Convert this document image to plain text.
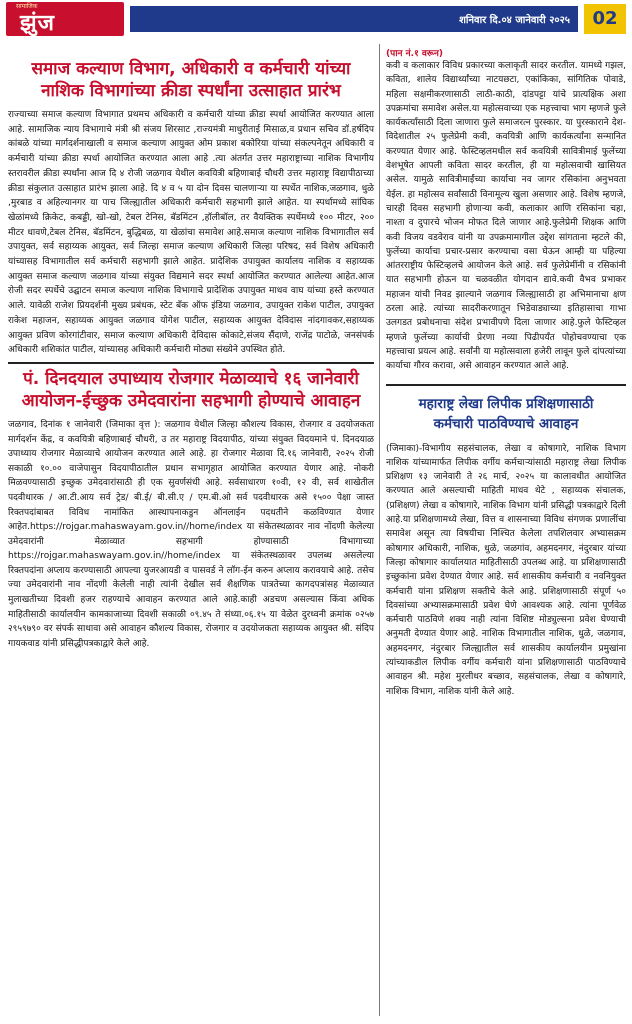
सामाजिक
झुंज	शनिवार दि.०४ जानेवारी २०२५	02
समाज कल्याण विभाग, अधिकारी व कर्मचारी यांच्या
नाशिक विभागांच्या क्रीडा स्पर्धांना उत्साहात प्रारंभ

राज्याच्या समाज कल्याण विभागात प्रथमच अधिकारी व कर्मचारी यांच्या क्रीडा स्पर्धा आयोजित करण्यात आला आहे. सामाजिक न्याय विभागाचे मंत्री श्री संजय शिरसाट ,राज्यमंत्री माधुरीताई मिसाळ,व प्रधान सचिव डॉ.हर्षदिप कांबळे यांच्या मार्गदर्शनाखाली व समाज कल्याण आयुक्त ओम प्रकाश बकोरिया यांच्या संकल्पनेतून अधिकारी व कर्मचारी यांच्या क्रीडा स्पर्धा आयोजित करण्यात आला आहे .त्या अंतर्गत उत्तर महाराष्ट्राच्या नाशिक विभागीय स्तरावरील क्रीडा स्पर्धांना आज दि ४ रोजी जळगाव येथील कवयित्री बहिणाबाई चौधरी उत्तर महाराष्ट्र विद्यापीठाच्या क्रीडा संकुलात उत्साहात प्रारंभ झाला आहे. दि ४ व ५ या दोन दिवस चालणाऱ्या या स्पर्धेत नाशिक,जळगाव, धुळे ,मुरबाड व अहिल्यानगर या पाच जिल्ह्यातील अधिकारी कर्मचारी सहभागी झाले आहेत. या स्पर्धामध्ये सांघिक खेळांमध्ये क्रिकेट, कबड्डी, खो-खो, टेबल टेनिस, बॅडमिंटन ,हॉलीबॉल, तर वैयक्तिक स्पर्धेमध्ये १०० मीटर, २०० मीटर धावणे,टेबल टेनिस, बॅडमिंटन, बुद्धिबळ, या खेळांचा समावेश आहे.समाज कल्याण नाशिक विभागातील सर्व उपायुक्त, सर्व सहाय्यक आयुक्त, सर्व जिल्हा समाज कल्याण अधिकारी जिल्हा परिषद, सर्व विशेष अधिकारी यांच्यासह विभागातील सर्व कर्मचारी सहभागी झाले आहेत. प्रादेशिक उपायुक्त कार्यालय नाशिक व सहाय्यक आयुक्त समाज कल्याण जळगाव यांच्या संयुक्त विद्यमाने सदर स्पर्धा आयोजित करण्यात आलेल्या आहेत.आज रोजी सदर स्पर्धेचे उद्घाटन समाज कल्याण नाशिक विभागाचे प्रादेशिक उपायुक्त माधव वाघ यांच्या हस्ते करण्यात आले. यावेळी राजेश प्रियदर्शनी मुख्य प्रबंधक, स्टेट बँक ऑफ इंडिया जळगाव, उपायुक्त राकेश पाटील, उपायुक्त राकेश महाजन, सहाय्यक आयुक्त जळगाव योगेश पाटील, सहाय्यक आयुक्त देविदास नांदगावकर,सहाय्यक आयुक्त प्रविण कोरगांटीवार, समाज कल्याण अधिकारी देविदास कोकाटे,संजय सैंदाणे, राजेंद्र पाटोळे, जनसंपर्क अधिकारी शशिकांत पाटील, यांच्यासह अधिकारी कर्मचारी मोठ्या संख्येने उपस्थित होते.

पं. दिनदयाल उपाध्याय रोजगार मेळाव्याचे १६ जानेवारी
आयोजन-ईच्छुक उमेदवारांना सहभागी होण्याचे आवाहन

जळगाव, दिनांक १ जानेवारी (जिमाका वृत्त ): जळगाव येथील जिल्हा कौशल्य विकास, रोजगार व उदयोजकता मार्गदर्शन केंद्र, व कवयित्री बहिणाबाई चौधरी, उ तर महाराष्ट्र विदयापीठ, यांच्या संयुक्त विदयमाने पं. दिनदयाळ उपाध्याय रोजगार मेळाव्याचे आयोजन करण्यात आले आहे. हा रोजगार मेळावा दि.१६ जानेवारी, २०२५ रोजी सकाळी १०.०० वाजेपासुन विदयापीठातील प्रधान सभागृहात आयोजित करण्यात येणार आहे. नोकरी मिळवण्यासाठी इच्छुक उमेदवारांसाठी ही एक सुवर्णसंधी आहे. सर्वसाधारण १०वी, १२ वी, सर्व शाखेतील पदवीधारक / आ.टी.आय सर्व ट्रेड/ बी.ई/ बी.सी.ए / एम.बी.ओ सर्व पदवीधारक असे १५०० पेक्षा जास्त रिक्तपदांबाबत विविध नामांकित आस्थापनाकडुन ऑनलाईन पदधतीने कळविण्यात येणार आहेत.https://rojgar.mahaswayam.gov.in//home/index या संकेतस्थळावर नाव नोंदणी केलेल्या उमेदवारांनी मेळाव्यात सहभागी होण्यासाठी विभागाच्या https://rojgar.mahaswayam.gov.in//home/index या संकेतस्थळावर उपलब्ध असलेल्या रिक्तपदांना अप्लाय करण्यासाठी आपल्या युजरआयडी व पासवर्ड ने लॉग-ईन करुन अप्लाय करावयाचे आहे. तसेच ज्या उमेदवारांनी नाव नोंदणी केलेली नाही त्यांनी देखील सर्व शैक्षणिक पात्रतेच्या कागदपत्रांसह मेळाव्यात मुलाखतीच्या दिवशी हजर राहण्याचे आवाहन करण्यात आले आहे.काही अडचण असल्यास किंवा अधिक माहितीसाठी कार्यालयीन कामकाजाच्या दिवशी सकाळी ०९.४५ ते संध्या.०६.१५ या वेळेत दुरध्वनी क्रमांक ०२५७ २९५९७९० वर संपर्क साधावा असे आवाहन कौशल्य विकास, रोजगार व उदयोजकता सहाय्यक आयुक्त श्री. संदिप गायकवाड यांनी प्रसिद्धीपत्रकाद्वारे केले आहे.

(पान नं.१ वरून)

कवी व कलाकार विविध प्रकारच्या कलाकृती सादर करतील. यामध्ये गझल, कविता, शालेय विद्यार्थ्यांच्या नाटयछटा, एकांकिका, सांगितिक पोवाडे, महिला सक्षमीकरणासाठी लाठी-काठी, दांडपट्टा यांचे प्रात्यक्षिक अशा उपक्रमांचा समावेश असेल.या महोत्सवाच्या एक महत्त्वाचा भाग म्हणजे फुले कार्यकर्त्यांसाठी दिला जाणारा फुले समाजरत्न पुरस्कार. या पुरस्काराने देश-विदेशातील २५ फुलेप्रेमी कवी, कवयित्री आणि कार्यकर्त्यांना सन्मानित करण्यात येणार आहे. फेस्टिव्हलमधील सर्व कवयित्री सावित्रीमाई फुलेंच्या वेशभूषेत आपली कविता सादर करतील, ही या महोत्सवाची खासियत असेल. यामुळे सावित्रीमाईंच्या कार्याचा नव जागर रसिकांना अनुभवता येईल. हा महोत्सव सर्वांसाठी विनामूल्य खुला असणार आहे. विशेष म्हणजे, चारही दिवस सहभागी होणाऱ्या कवी, कलाकार आणि रसिकांना चहा, नाश्ता व दुपारचे भोजन मोफत दिले जाणार आहे.फुलेप्रेमी शिक्षक आणि कवी विजय वडवेराव यांनी या उपक्रमामागील उद्देश सांगताना म्हटले की, फुलेंच्या कार्याचा प्रचार-प्रसार करण्याचा वसा घेऊन आम्ही या पहिल्या आंतरराष्ट्रीय फेस्टिव्हलचे आयोजन केले आहे. सर्व फुलेप्रेमींनी व रसिकांनी यात सहभागी होऊन या चळवळीत योगदान द्यावे.कवी वैभव प्रभाकर महाजन यांची निवड झाल्याने जळगाव जिल्ह्यासाठी हा अभिमानाचा क्षण ठरला आहे. त्यांच्या सादरीकरणातून भिडेवाड्याच्या इतिहासाचा गाभा उलगडत प्रबोधनाचा संदेश प्रभावीपणे दिला जाणार आहे.फुले फेस्टिव्हल म्हणजे फुलेंच्या कार्याची प्रेरणा नव्या पिढीपर्यंत पोहोचवण्याचा एक महत्त्वाचा प्रयत्न आहे. सर्वांनी या महोत्सवाला हजेरी लावून फुले दांपत्यांच्या कार्याचा गौरव करावा, असे आवाहन करण्यात आले आहे.

महाराष्ट्र लेखा लिपीक प्रशिक्षणासाठी
कर्मचारी पाठविण्याचे आवाहन

(जिमाका)-विभागीय सहसंचालक, लेखा व कोषागारे, नाशिक विभाग नाशिक यांच्यामार्फत लिपीक वर्गीय कर्मचाऱ्यांसाठी महाराष्ट्र लेखा लिपीक प्रशिक्षण १३ जानेवारी ते २६ मार्च, २०२५ या कालावधीत आयोजित करण्यात आले असल्याची माहिती माधव थेटे , सहाय्यक संचालक, (प्रशिक्षण) लेखा व कोषागारे, नाशिक विभाग यांनी प्रसिद्धी पत्रकाद्वारे दिली आहे.या प्रशिक्षणामध्ये लेखा, वित्त व शासनाच्या विविध संगणक प्रणालींचा समावेश असून त्या विषयीचा निश्चित केलेला तपशिलवार अभ्यासक्रम कोषागार अधिकारी, नाशिक, धुळे, जळगांव, अहमदनगर, नंदुरबार यांच्या जिल्हा कोषागार कार्यालयात माहितीसाठी उपलब्ध आहे. या प्रशिक्षणासाठी इच्छुकांना प्रवेश देण्यात येणार आहे. सर्व शासकीय कर्मचारी व नवनियुक्त कर्मचारी यांना प्रशिक्षण सक्तीचे केले आहे. प्रशिक्षणासाठी संपूर्ण ५० दिवसांच्या अभ्यासक्रमासाठी प्रवेश घेणे आवश्यक आहे. त्यांना पूर्णवेळ कर्मचारी पाठविणे शक्य नाही त्यांना विशिष्ट मोड्युल्सना प्रवेश घेण्याची अनुमती देण्यात येणार आहे. नाशिक विभागातील नाशिक, धुळे, जळगाव, अहमदनगर, नंदुरबार जिल्ह्यातील सर्व शासकीय कार्यालयीन प्रमुखांना त्यांच्याकडील लिपीक वर्गीय कर्मचारी यांना प्रशिक्षणासाठी पाठविण्याचे आवाहन श्री. महेश मुरलीधर बच्छाव, सहसंचालक, लेखा व कोषागारे, नाशिक विभाग, नाशिक यांनी केले आहे.
